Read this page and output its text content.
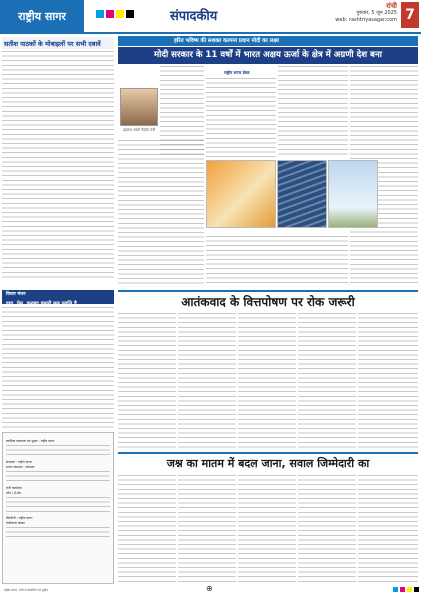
राष्ट्रीय सागर	संपादकीय
रांची
गुरुवार, 5 जून 2025
web: rashtriyasagar.com 7
सतीश पाठकों के मोबाइलों पर सभी दबावें	हरित भविष्य की सशक्त कल्पना प्रधान मोदी का लक्ष्य
मोदी सरकार के 11 वर्षों में भारत अक्षय ऊर्जा के क्षेत्र में अग्रणी देश बना
प्रहलाद जोशी केंद्रीय मंत्री
राष्ट्रीय सागर डेस्क
विचार मंथन
दया, प्रेम, करुणा हमारी मूल प्रवृत्ति है	आतंकवाद के वित्तपोषण पर रोक जरूरी
स्वामित्व प्रकाशक एवं मुद्रक : राष्ट्रीय सागर
संपादक : राष्ट्रीय सागर
प्रधान संपादक : संपादक
रांची कार्यालय
फोन / ई-मेल
डीएवीपी : राष्ट्रीय सागर
पंजीकरण संख्या
जश्न का मातम में बदल जाना, सवाल जिम्मेदारी का
राष्ट्रीय सागर, रांची से प्रकाशित एवं मुद्रित	⊕
